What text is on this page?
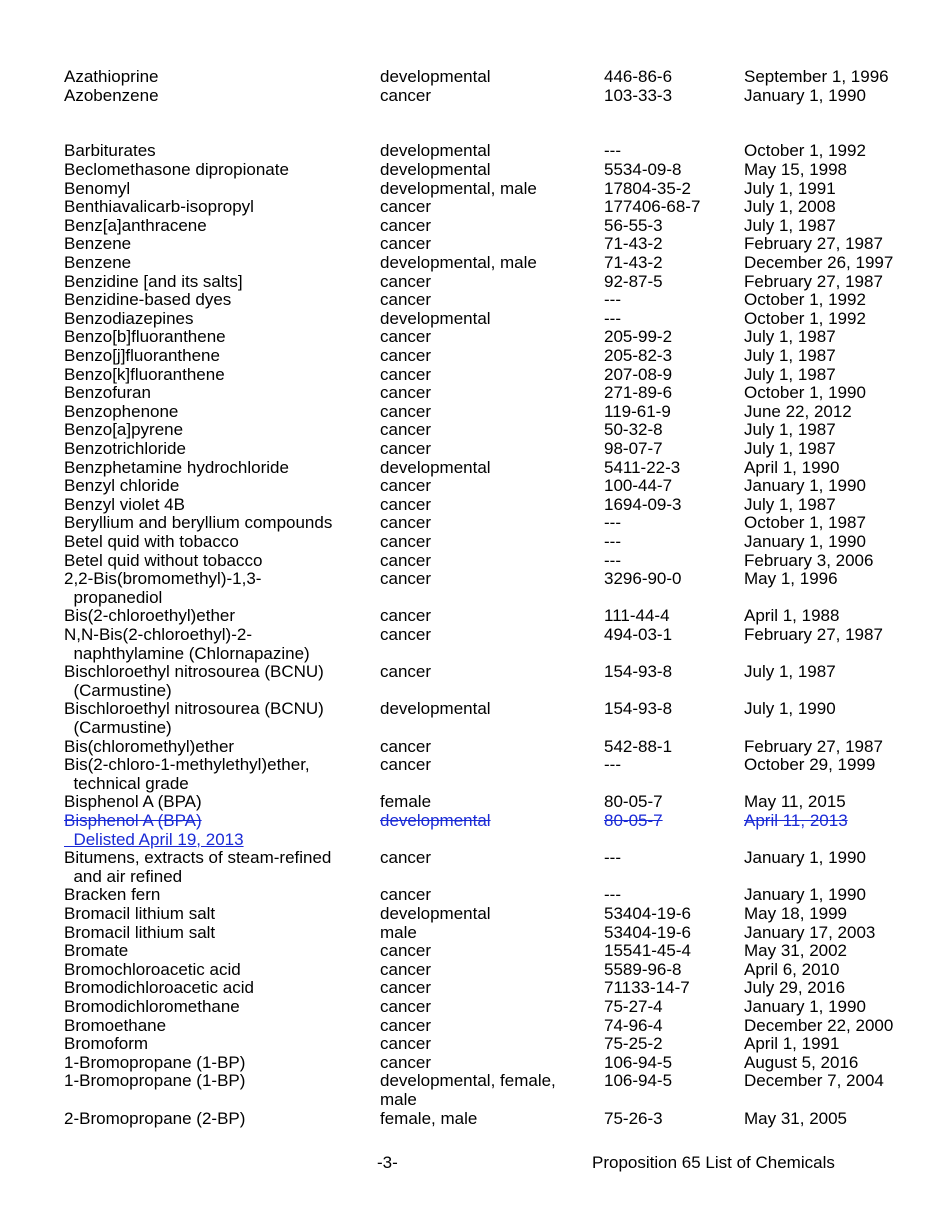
Azathioprine	developmental	446-86-6	September 1, 1996
Azobenzene	cancer	103-33-3	January 1, 1990
Barbiturates	developmental	---	October 1, 1992
Beclomethasone dipropionate	developmental	5534-09-8	May 15, 1998
Benomyl	developmental, male	17804-35-2	July 1, 1991
Benthiavalicarb-isopropyl	cancer	177406-68-7	July 1, 2008
Benz[a]anthracene	cancer	56-55-3	July 1, 1987
Benzene	cancer	71-43-2	February 27, 1987
Benzene	developmental, male	71-43-2	December 26, 1997
Benzidine [and its salts]	cancer	92-87-5	February 27, 1987
Benzidine-based dyes	cancer	---	October 1, 1992
Benzodiazepines	developmental	---	October 1, 1992
Benzo[b]fluoranthene	cancer	205-99-2	July 1, 1987
Benzo[j]fluoranthene	cancer	205-82-3	July 1, 1987
Benzo[k]fluoranthene	cancer	207-08-9	July 1, 1987
Benzofuran	cancer	271-89-6	October 1, 1990
Benzophenone	cancer	119-61-9	June 22, 2012
Benzo[a]pyrene	cancer	50-32-8	July 1, 1987
Benzotrichloride	cancer	98-07-7	July 1, 1987
Benzphetamine hydrochloride	developmental	5411-22-3	April 1, 1990
Benzyl chloride	cancer	100-44-7	January 1, 1990
Benzyl violet 4B	cancer	1694-09-3	July 1, 1987
Beryllium and beryllium compounds	cancer	---	October 1, 1987
Betel quid with tobacco	cancer	---	January 1, 1990
Betel quid without tobacco	cancer	---	February 3, 2006
2,2-Bis(bromomethyl)-1,3-	cancer	3296-90-0	May 1, 1996
propanediol
Bis(2-chloroethyl)ether	cancer	111-44-4	April 1, 1988
N,N-Bis(2-chloroethyl)-2-	cancer	494-03-1	February 27, 1987
naphthylamine (Chlornapazine)
Bischloroethyl nitrosourea (BCNU)	cancer	154-93-8	July 1, 1987
(Carmustine)
Bischloroethyl nitrosourea (BCNU)	developmental	154-93-8	July 1, 1990
(Carmustine)
Bis(chloromethyl)ether	cancer	542-88-1	February 27, 1987
Bis(2-chloro-1-methylethyl)ether,	cancer	---	October 29, 1999
technical grade
Bisphenol A (BPA)	female	80-05-7	May 11, 2015
Bisphenol A (BPA)	developmental	80-05-7	April 11, 2013
Delisted April 19, 2013
Bitumens, extracts of steam-refined	cancer	---	January 1, 1990
and air refined
Bracken fern	cancer	---	January 1, 1990
Bromacil lithium salt	developmental	53404-19-6	May 18, 1999
Bromacil lithium salt	male	53404-19-6	January 17, 2003
Bromate	cancer	15541-45-4	May 31, 2002
Bromochloroacetic acid	cancer	5589-96-8	April 6, 2010
Bromodichloroacetic acid	cancer	71133-14-7	July 29, 2016
Bromodichloromethane	cancer	75-27-4	January 1, 1990
Bromoethane	cancer	74-96-4	December 22, 2000
Bromoform	cancer	75-25-2	April 1, 1991
1-Bromopropane (1-BP)	cancer	106-94-5	August 5, 2016
1-Bromopropane (1-BP)	developmental, female,	106-94-5	December 7, 2004
male
2-Bromopropane (2-BP)	female, male	75-26-3	May 31, 2005
-3-	Proposition 65 List of Chemicals
